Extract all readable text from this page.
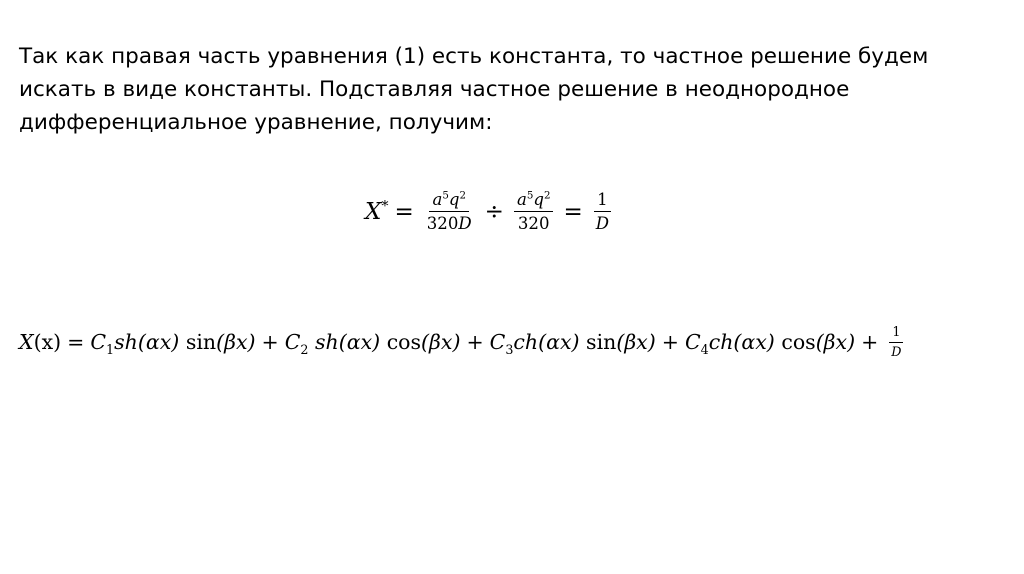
Так как правая часть уравнения (1) есть константа, то частное решение будем искать в виде константы. Подставляя частное решение в неоднородное дифференциальное уравнение, получим:

$X^* = \frac{a^5q^2}{320D} \div \frac{a^5q^2}{320} = \frac{1}{D}$
$X(x) = C_1sh(\alpha x) \sin(\beta x) + C_2$ sh(αx) $\cos(\beta x) + C_3ch(\alpha x) \sin(\beta x) + C_4ch(\alpha x) \cos(\beta x) + \frac{1}{D}$
